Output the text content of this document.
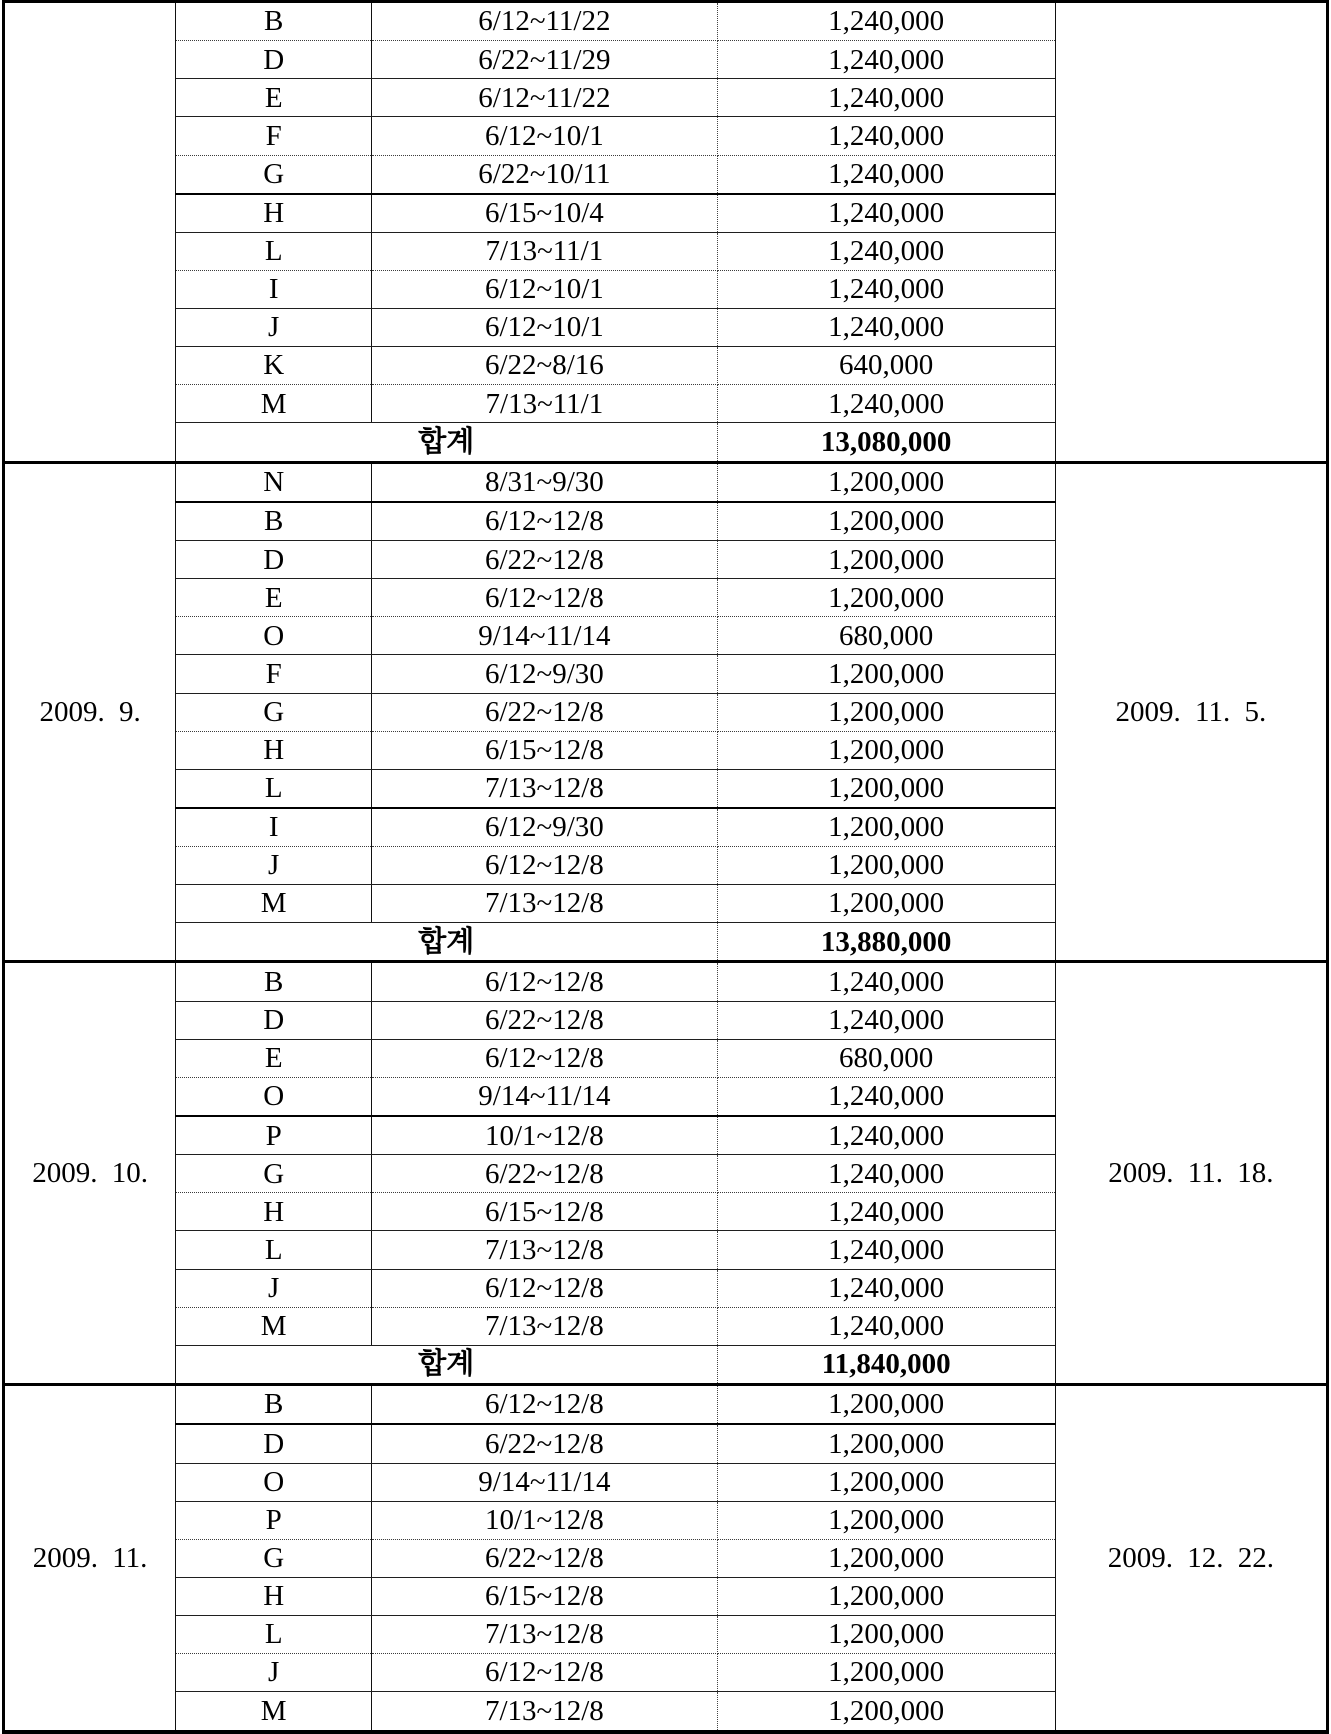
	B	6/12~11/22	1,240,000	
	D	6/22~11/29	1,240,000	
	E	6/12~11/22	1,240,000	
	F	6/12~10/1	1,240,000	
	G	6/22~10/11	1,240,000	
	H	6/15~10/4	1,240,000	
	L	7/13~11/1	1,240,000	
	I	6/12~10/1	1,240,000	
	J	6/12~10/1	1,240,000	
	K	6/22~8/16	640,000	
	M	7/13~11/1	1,240,000	
	합계		13,080,000	
2009. 9.	N	8/31~9/30	1,200,000	2009. 11. 5.
	B	6/12~12/8	1,200,000	
	D	6/22~12/8	1,200,000	
	E	6/12~12/8	1,200,000	
	O	9/14~11/14	680,000	
	F	6/12~9/30	1,200,000	
	G	6/22~12/8	1,200,000	
	H	6/15~12/8	1,200,000	
	L	7/13~12/8	1,200,000	
	I	6/12~9/30	1,200,000	
	J	6/12~12/8	1,200,000	
	M	7/13~12/8	1,200,000	
	합계		13,880,000	
2009. 10.	B	6/12~12/8	1,240,000	2009. 11. 18.
	D	6/22~12/8	1,240,000	
	E	6/12~12/8	680,000	
	O	9/14~11/14	1,240,000	
	P	10/1~12/8	1,240,000	
	G	6/22~12/8	1,240,000	
	H	6/15~12/8	1,240,000	
	L	7/13~12/8	1,240,000	
	J	6/12~12/8	1,240,000	
	M	7/13~12/8	1,240,000	
	합계		11,840,000	
2009. 11.	B	6/12~12/8	1,200,000	2009. 12. 22.
	D	6/22~12/8	1,200,000	
	O	9/14~11/14	1,200,000	
	P	10/1~12/8	1,200,000	
	G	6/22~12/8	1,200,000	
	H	6/15~12/8	1,200,000	
	L	7/13~12/8	1,200,000	
	J	6/12~12/8	1,200,000	
	M	7/13~12/8	1,200,000	
